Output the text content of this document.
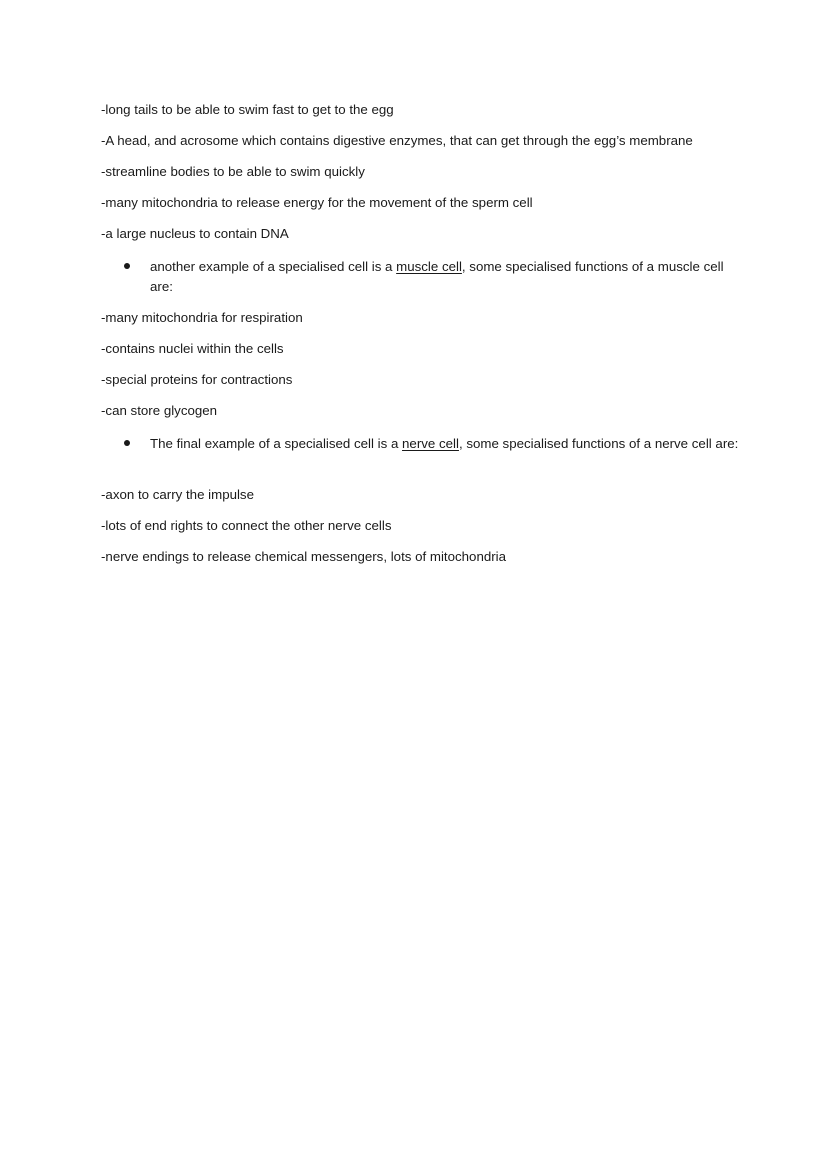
-long tails to be able to swim fast to get to the egg
-A head, and acrosome which contains digestive enzymes, that can get through the egg’s membrane
-streamline bodies to be able to swim quickly
-many mitochondria to release energy for the movement of the sperm cell
-a large nucleus to contain DNA
another example of a specialised cell is a muscle cell, some specialised functions of a muscle cell are:
-many mitochondria for respiration
-contains nuclei within the cells
-special proteins for contractions
-can store glycogen
The final example of a specialised cell is a nerve cell, some specialised functions of a nerve cell are:
-axon to carry the impulse
-lots of end rights to connect the other nerve cells
-nerve endings to release chemical messengers, lots of mitochondria
